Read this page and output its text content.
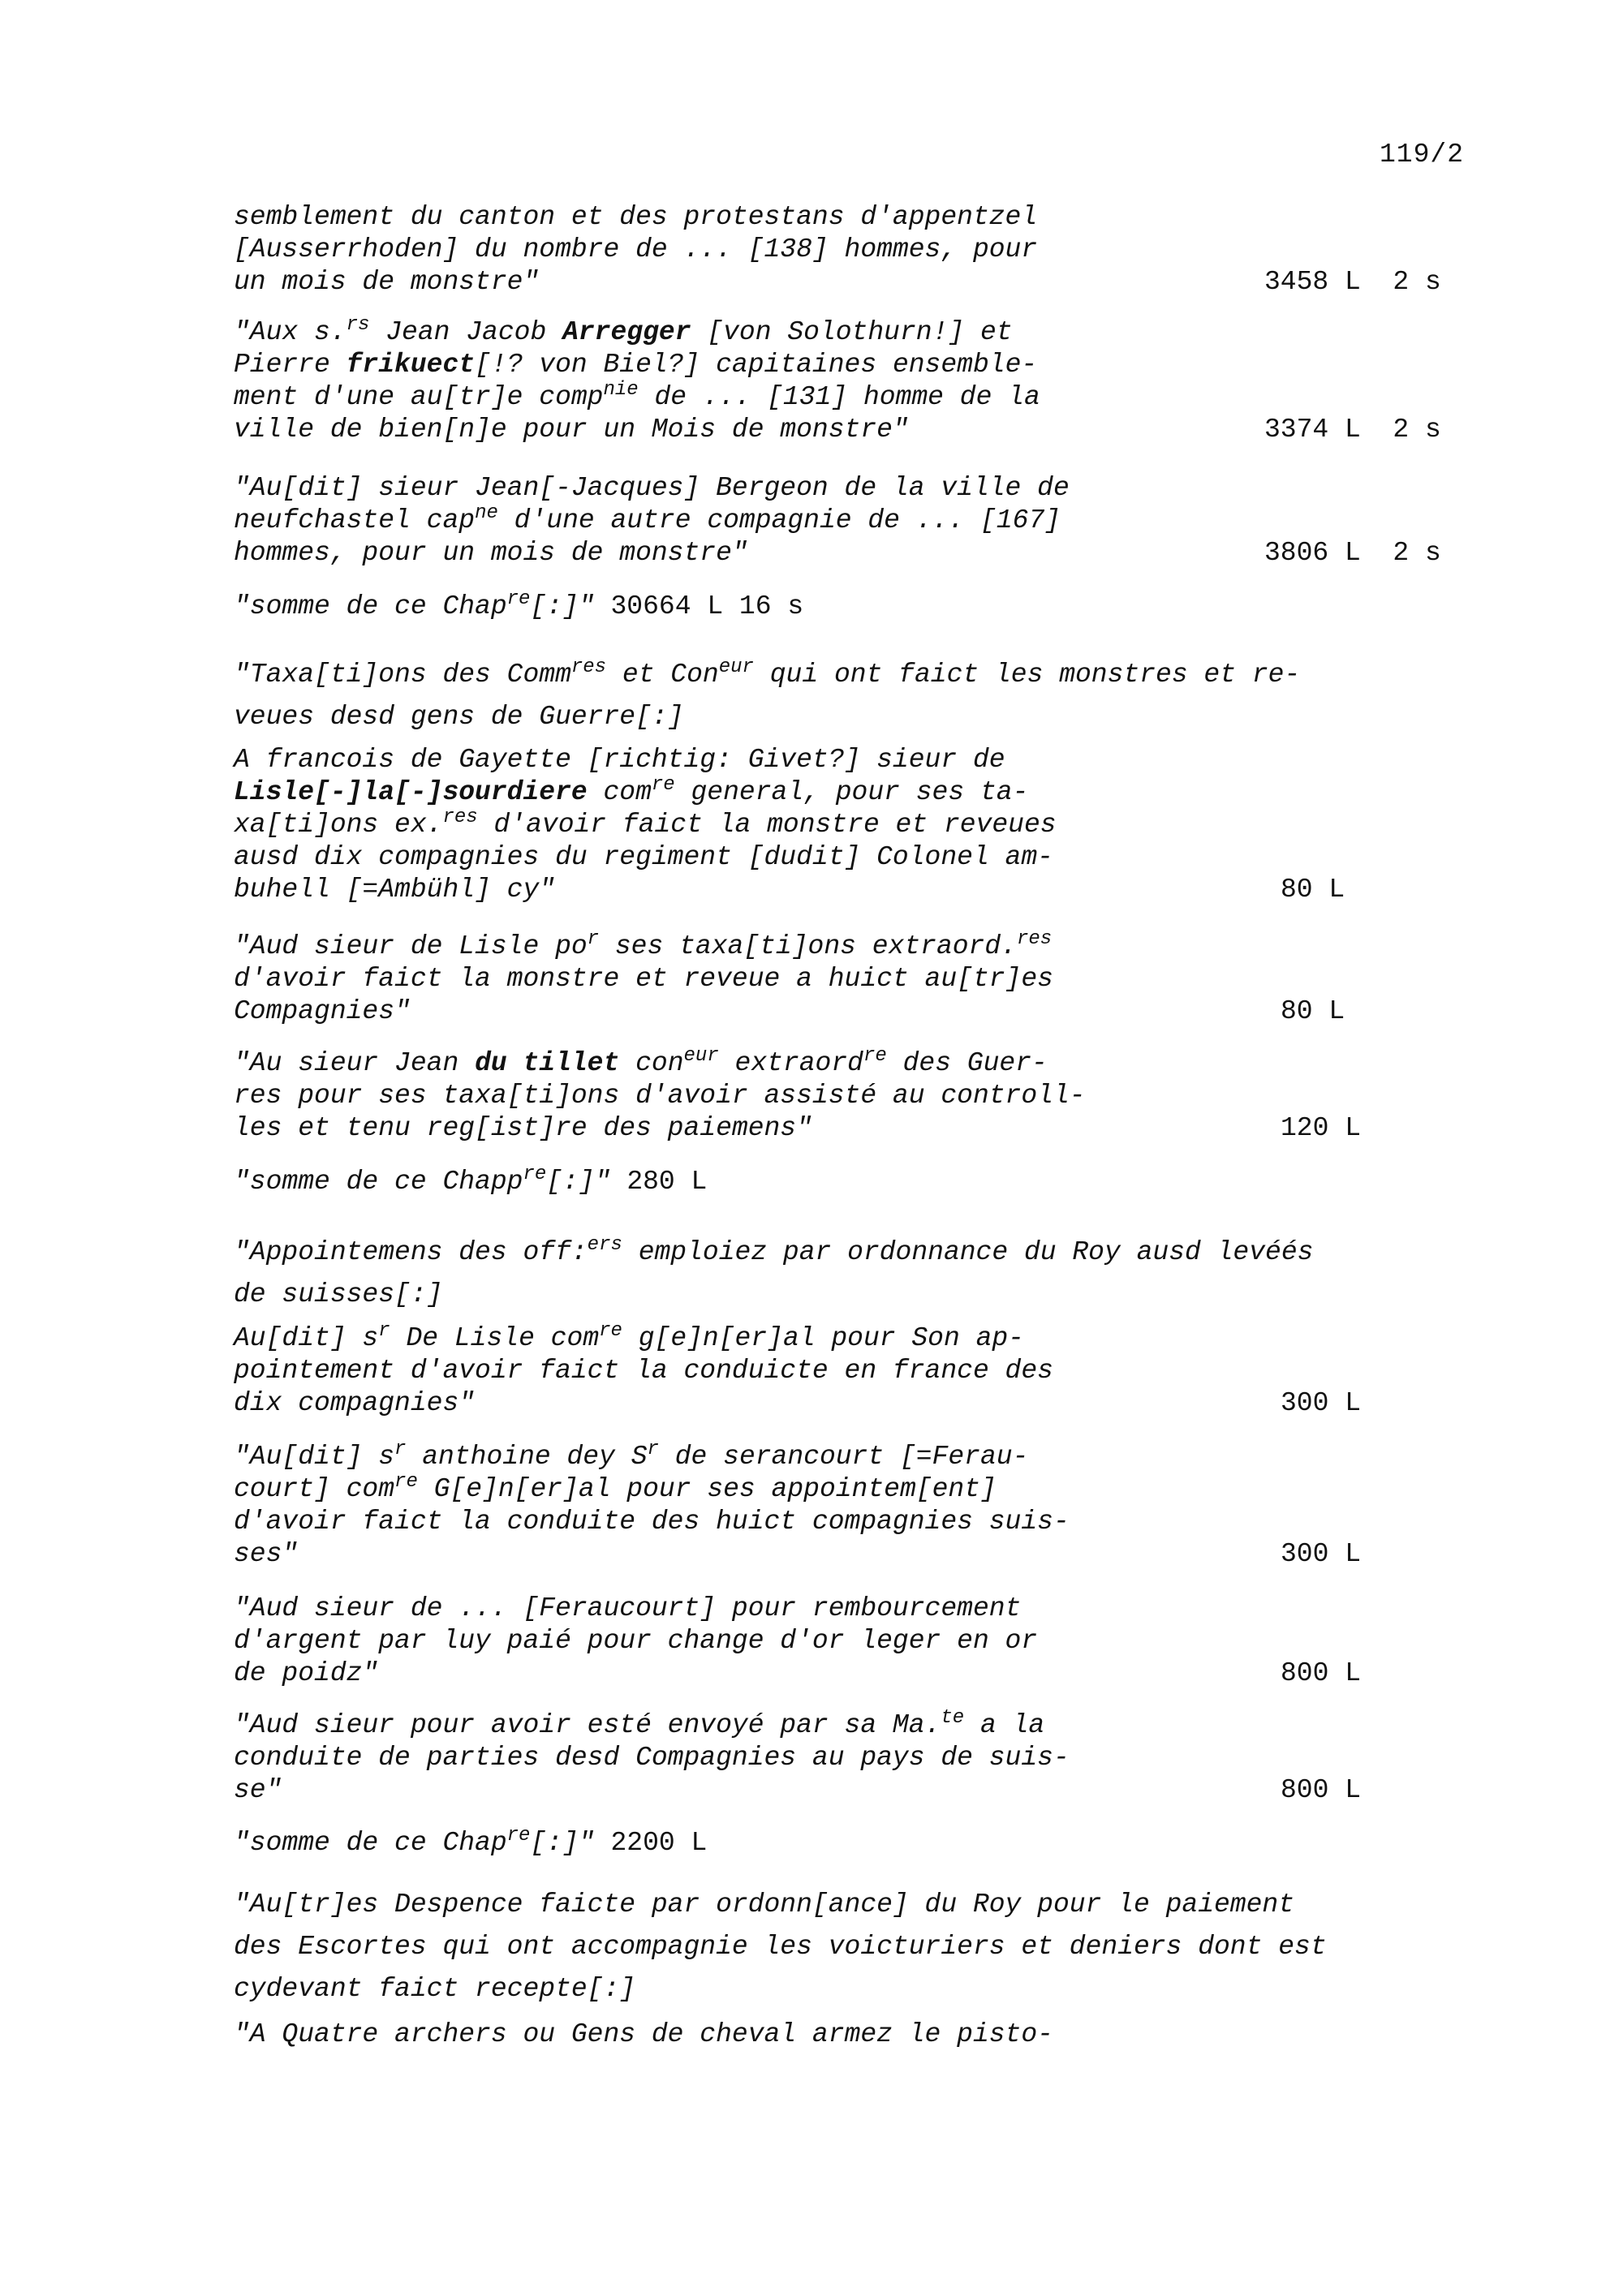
119/2
semblement du canton et des protestans d'appentzel
[Ausserrhoden] du nombre de ... [138] hommes, pour
un mois de monstre"	3458 L  2 s
"Aux s.$^{rs}$ Jean Jacob Arregger [von Solothurn!] et
Pierre frikuect[!? von Biel?] capitaines ensemble-
ment d'une au[tr]e comp$^{nie}$ de ... [131] homme de la
ville de bien[n]e pour un Mois de monstre"	3374 L  2 s
"Au[dit] sieur Jean[-Jacques] Bergeon de la ville de
neufchastel cap$^{ne}$ d'une autre compagnie de ... [167]
hommes, pour un mois de monstre"	3806 L  2 s
"somme de ce Chap$^{re}$[:]" 30664 L 16 s
"Taxa[ti]ons des Comm$^{res}$ et Con$^{eur}$ qui ont faict les monstres et re-
veues desd gens de Guerre[:]
A francois de Gayette [richtig: Givet?] sieur de
Lisle[-]la[-]sourdiere com$^{re}$ general, pour ses ta-
xa[ti]ons ex.$^{res}$ d'avoir faict la monstre et reveues
ausd dix compagnies du regiment [dudit] Colonel am-
buhell [=Ambühl] cy"	80 L
"Aud sieur de Lisle $po^r$ ses taxa[ti]ons extraord.$^{res}$
d'avoir faict la monstre et reveue a huict au[tr]es
Compagnies"	80 L
"Au sieur Jean du tillet con$^{eur}$ extraord$^{re}$ des Guer-
res pour ses taxa[ti]ons d'avoir assisté au controll-
les et tenu reg[ist]re des paiemens"	120 L
"somme de ce Chapp$^{re}$[:]" 280 L
"Appointemens des off:$^{ers}$ emploiez par ordonnance du Roy ausd levéés
de suisses[:]
Au[dit] $s^r$ De Lisle com$^{re}$ g[e]n[er]al pour Son ap-
pointement d'avoir faict la conduicte en france des
dix compagnies"	300 L
"Au[dit] $s^r$ anthoine dey $S^r$ de serancourt [=Ferau-
court] com$^{re}$ G[e]n[er]al pour ses appointem[ent]
d'avoir faict la conduite des huict compagnies suis-
ses"	300 L
"Aud sieur de ... [Feraucourt] pour rembourcement
d'argent par luy paié pour change d'or leger en or
de poidz"	800 L
"Aud sieur pour avoir esté envoyé par sa Ma.$^{te}$ a la
conduite de parties desd Compagnies au pays de suis-
se"	800 L
"somme de ce Chap$^{re}$[:]" 2200 L
"Au[tr]es Despence faicte par ordonn[ance] du Roy pour le paiement
des Escortes qui ont accompagnie les voicturiers et deniers dont est
cydevant faict recepte[:]
"A Quatre archers ou Gens de cheval armez le pisto-
